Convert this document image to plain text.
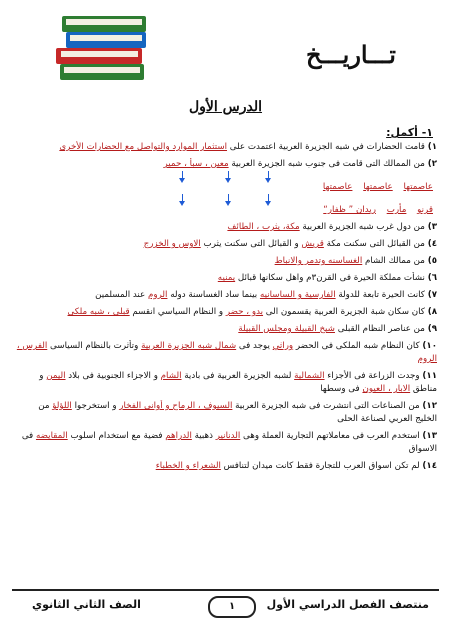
تـــاريـــخ
الدرس الأول
١- أكمل:
١) قامت الحضارات في شبه الجزيرة العربية اعتمدت على استثمار الموارد والتواصل مع الحضارات الأخرى
٢) من الممالك التى قامت فى جنوب شبه الجزيرة العربية معين ، سبأ ، حمير
عاصمتها عاصمتها عاصمتها
قرنو مأرب ريدان ” ظفار“
٣) من دول غرب شبه الجزيرة العربية مكة، يثرب ، الطائف
٤) من القبائل التى سكنت مكة قريش و القبائل التى سكنت يثرب الاوس و الخزرج
٥) من ممالك الشام الغساسنه وتدمر والانباط
٦) نشأت مملكة الحيرة فى القرن٣م واهل سكانها قبائل يمنيه
٧) كانت الحيرة تابعة للدولة الفارسية و الساسانيه بينما ساد الغساسنة دوله الروم عند المسلمين
٨) كان سكان شبة الجزيرة العربية يقسمون الى بدو ، حضر و النظام السياسي انقسم قبلى ، شبه ملكى
٩) من عناصر النظام القبلى شيخ القبيلة ومجلس القبيلة
١٠) كان النظام شبه الملكى فى الحضر وراثي يوجد فى شمال شبه الجزيرة العربية وتأثرت بالنظام السياسى الفرس ، الروم
١١) وجدت الزراعة فى الأجزاء الشمالية لشبه الجزيرة العربية فى بادية الشام و الاجزاء الجنوبية فى بلاد اليمن و مناطق الابار ، العيون فى وسطها
١٢) من الصناعات التى انتشرت فى شبه الجزيرة العربية السيوف ، الرماح و أوانى الفخار و استخرجوا اللؤلؤ من الخليج العربي لصناعة الحلى
١٣) استخدم العرب فى معاملاتهم التجارية العملة وهى الدنانير ذهبية الدراهم فضية مع استخدام اسلوب المقايضه فى الاسواق
١٤) لم تكن اسواق العرب للتجارة فقط كانت ميدان لتنافس الشعراء و الخطباء
منتصف الفصل الدراسي الأول
١
الصف الثاني الثانوي
